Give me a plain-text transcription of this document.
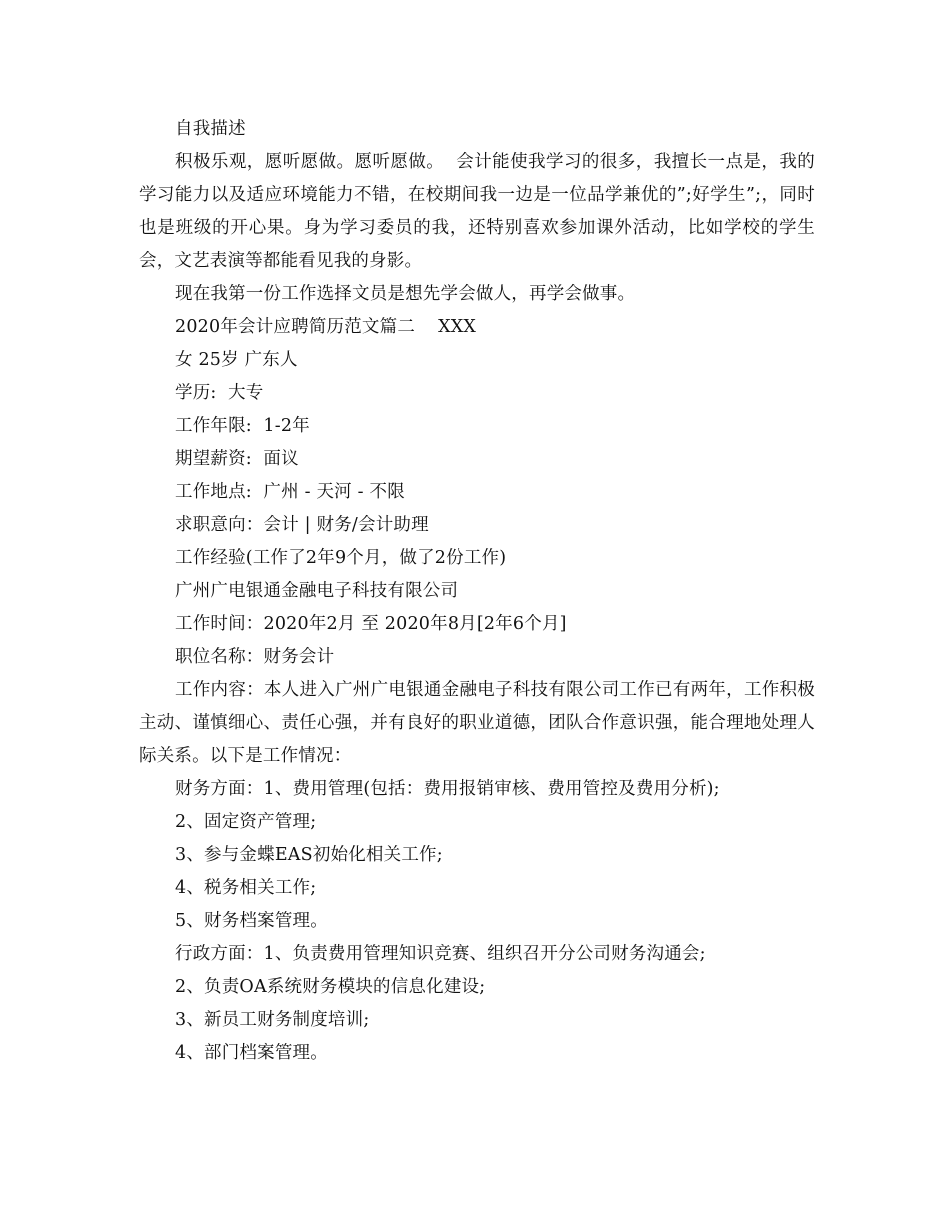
自我描述

积极乐观，愿听愿做。愿听愿做。  会计能使我学习的很多，我擅长一点是，我的学习能力以及适应环境能力不错，在校期间我一边是一位品学兼优的”;好学生”;，同时也是班级的开心果。身为学习委员的我，还特别喜欢参加课外活动，比如学校的学生会，文艺表演等都能看见我的身影。

现在我第一份工作选择文员是想先学会做人，再学会做事。

2020年会计应聘简历范文篇二    XXX

女 25岁 广东人

学历:  大专

工作年限:  1-2年

期望薪资:  面议

工作地点:  广州 - 天河 - 不限

求职意向：会计 | 财务/会计助理

工作经验(工作了2年9个月，做了2份工作)

广州广电银通金融电子科技有限公司

工作时间：2020年2月 至 2020年8月[2年6个月]

职位名称：财务会计

工作内容：本人进入广州广电银通金融电子科技有限公司工作已有两年，工作积极主动、谨慎细心、责任心强，并有良好的职业道德，团队合作意识强，能合理地处理人际关系。以下是工作情况：

财务方面：1、费用管理(包括：费用报销审核、费用管控及费用分析);

2、固定资产管理;

3、参与金蝶EAS初始化相关工作;

4、税务相关工作;

5、财务档案管理。

行政方面：1、负责费用管理知识竞赛、组织召开分公司财务沟通会;

2、负责OA系统财务模块的信息化建设;

3、新员工财务制度培训;

4、部门档案管理。
